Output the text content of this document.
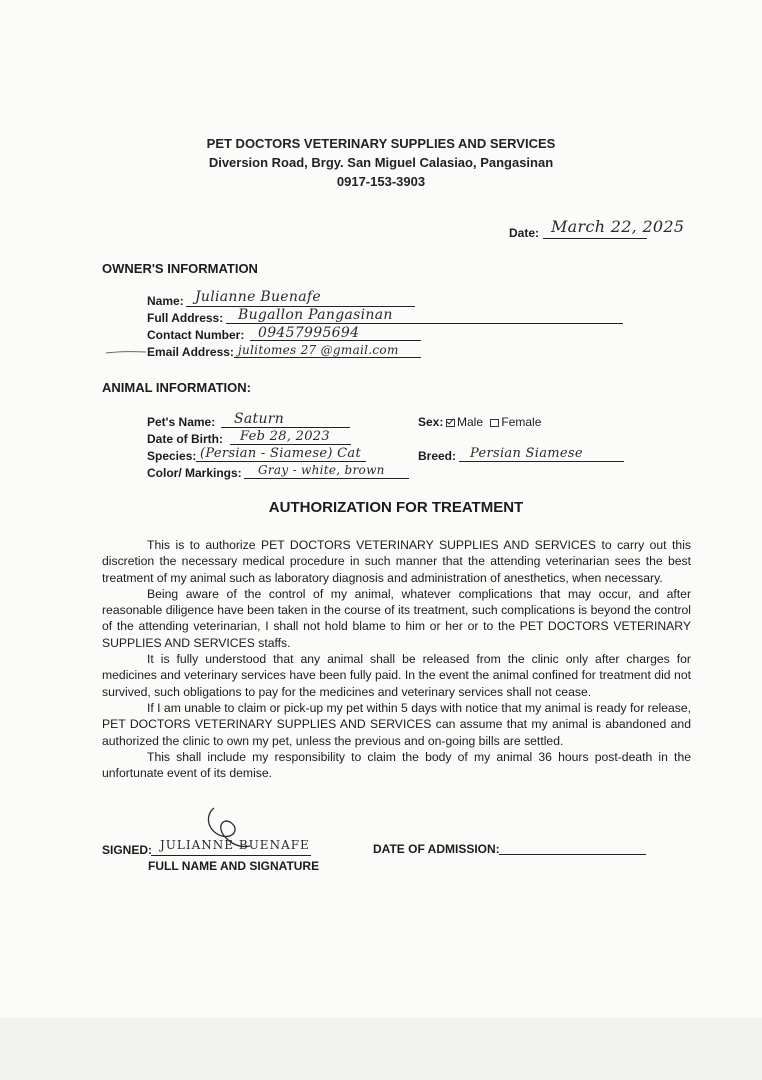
PET DOCTORS VETERINARY SUPPLIES AND SERVICES
Diversion Road, Brgy. San Miguel Calasiao, Pangasinan
0917-153-3903
Date: March 22, 2025
OWNER'S INFORMATION
Name: Julianne Buenafe
Full Address: Bugallon Pangasinan
Contact Number: 09457995694
Email Address: julitomes 27 @gmail.com
ANIMAL INFORMATION:
Pet's Name: Saturn
Date of Birth: Feb 28, 2023
Species: (Persian - Siamese) Cat
Color/ Markings: Gray - white, brown
Sex:	Male Female
Breed: Persian Siamese
AUTHORIZATION FOR TREATMENT

This is to authorize PET DOCTORS VETERINARY SUPPLIES AND SERVICES to carry out this discretion the necessary medical procedure in such manner that the attending veterinarian sees the best treatment of my animal such as laboratory diagnosis and administration of anesthetics, when necessary.

Being aware of the control of my animal, whatever complications that may occur, and after reasonable diligence have been taken in the course of its treatment, such complications is beyond the control of the attending veterinarian, I shall not hold blame to him or her or to the PET DOCTORS VETERINARY SUPPLIES AND SERVICES staffs.

It is fully understood that any animal shall be released from the clinic only after charges for medicines and veterinary services have been fully paid. In the event the animal confined for treatment did not survived, such obligations to pay for the medicines and veterinary services shall not cease.

If I am unable to claim or pick-up my pet within 5 days with notice that my animal is ready for release, PET DOCTORS VETERINARY SUPPLIES AND SERVICES can assume that my animal is abandoned and authorized the clinic to own my pet, unless the previous and on-going bills are settled.

This shall include my responsibility to claim the body of my animal 36 hours post-death in the unfortunate event of its demise.

SIGNED: JULIANNE BUENAFE
FULL NAME AND SIGNATURE
DATE OF ADMISSION:
